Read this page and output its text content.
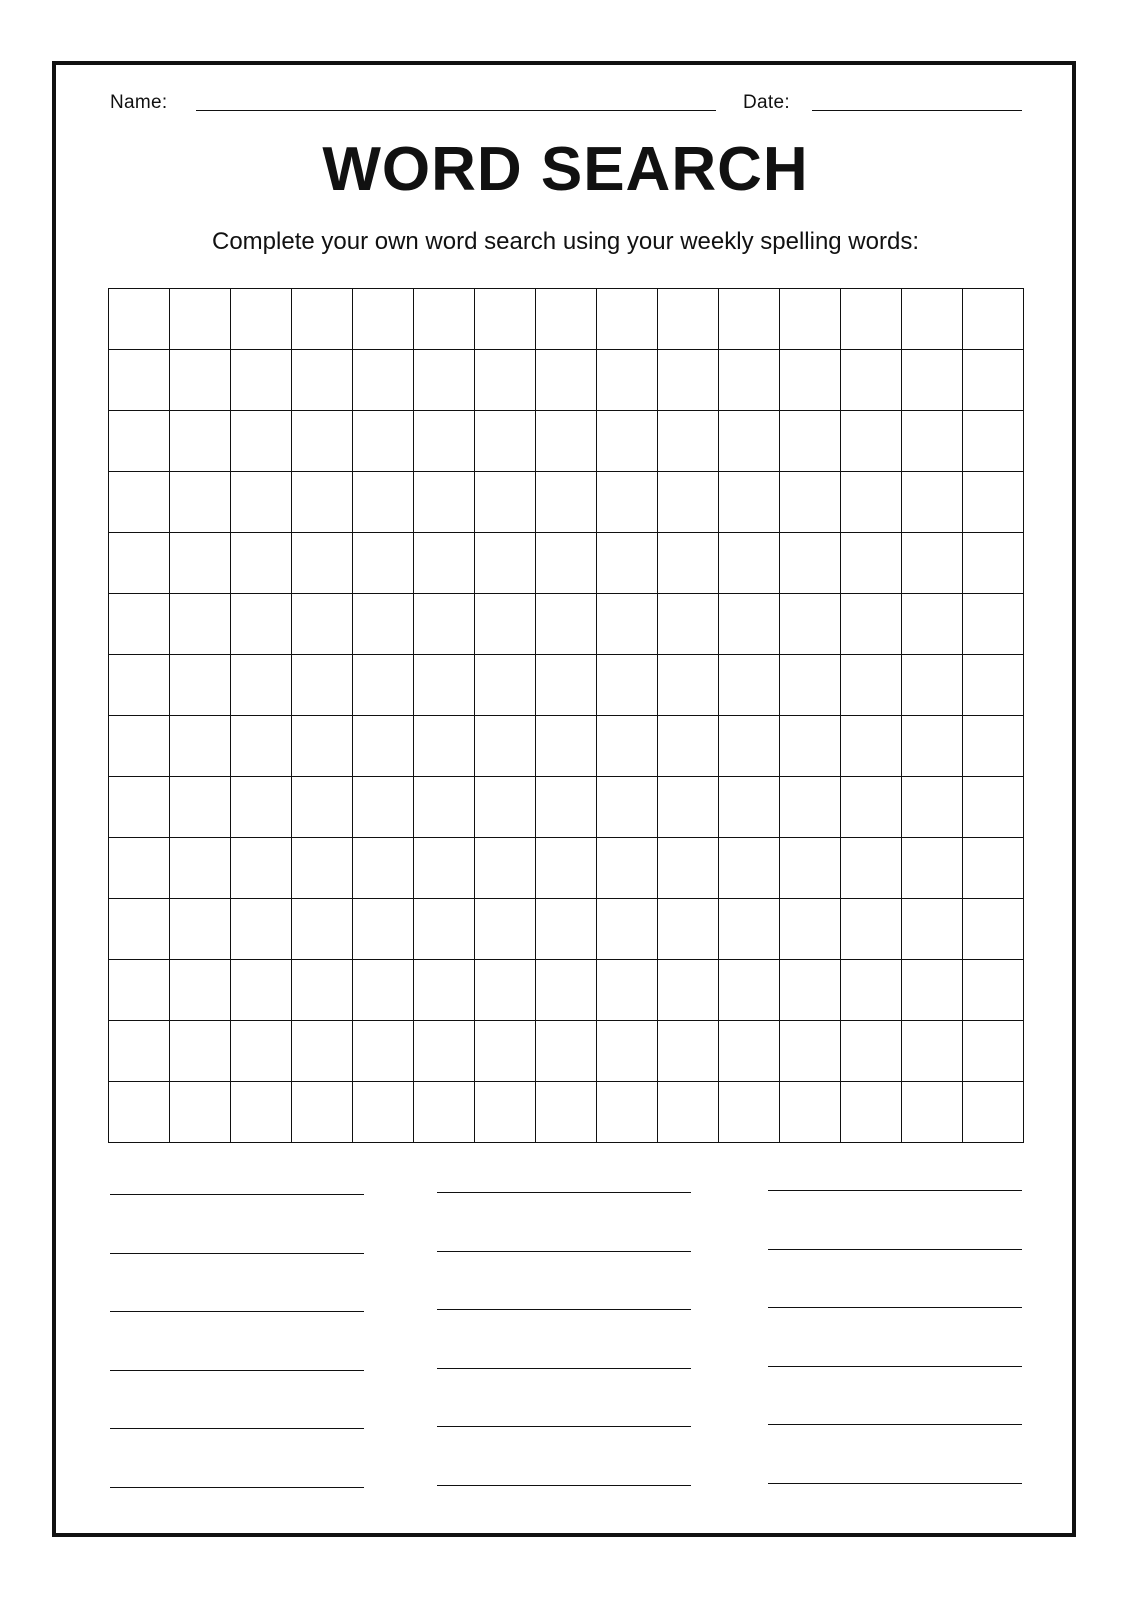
Name:	Date:
WORD SEARCH
Complete your own word search using your weekly spelling words:
